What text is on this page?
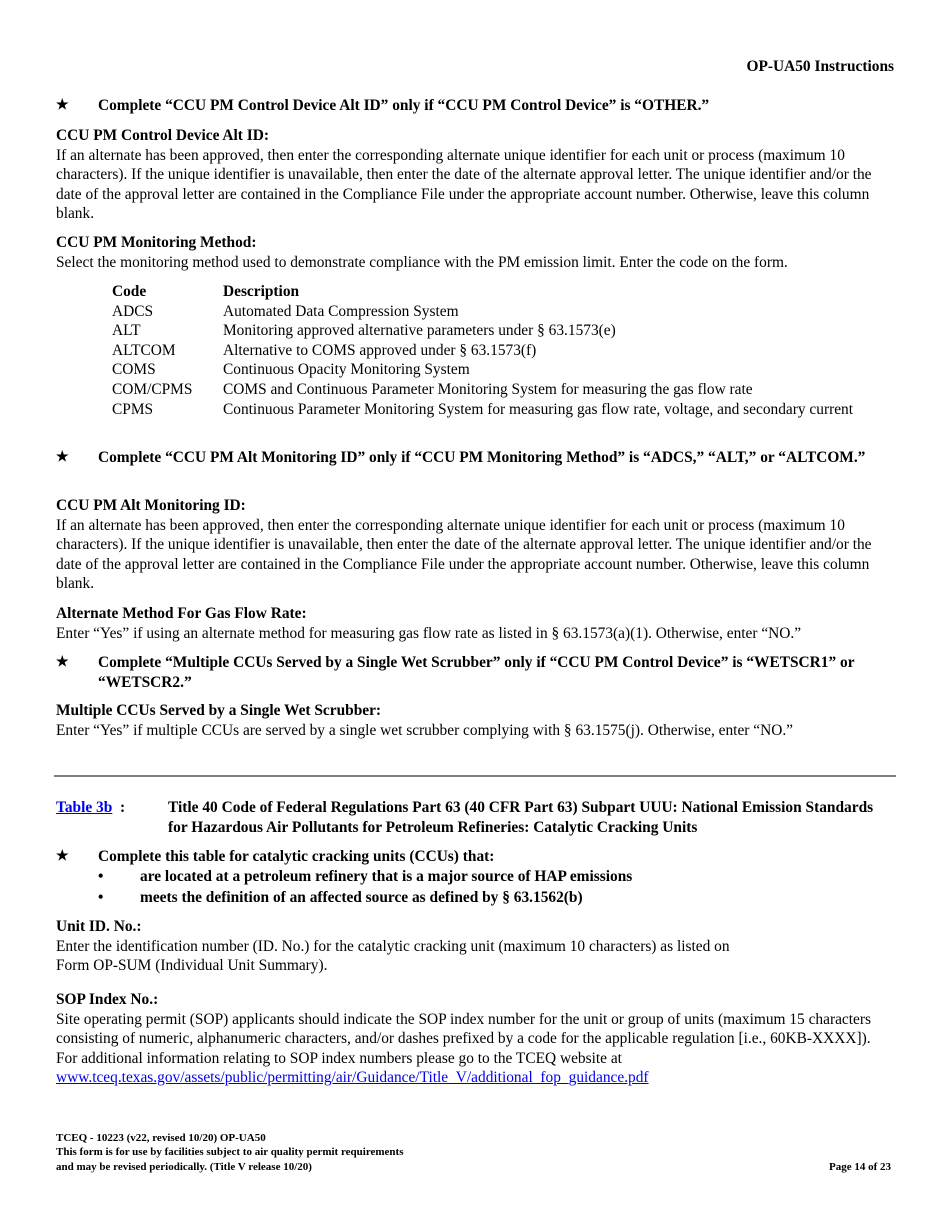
OP-UA50 Instructions
★ Complete “CCU PM Control Device Alt ID” only if “CCU PM Control Device” is “OTHER.”
CCU PM Control Device Alt ID:
If an alternate has been approved, then enter the corresponding alternate unique identifier for each unit or process (maximum 10 characters). If the unique identifier is unavailable, then enter the date of the alternate approval letter. The unique identifier and/or the date of the approval letter are contained in the Compliance File under the appropriate account number. Otherwise, leave this column blank.
CCU PM Monitoring Method:
Select the monitoring method used to demonstrate compliance with the PM emission limit. Enter the code on the form.
Code	Description
ADCS	Automated Data Compression System
ALT	Monitoring approved alternative parameters under § 63.1573(e)
ALTCOM	Alternative to COMS approved under § 63.1573(f)
COMS	Continuous Opacity Monitoring System
COM/CPMS	COMS and Continuous Parameter Monitoring System for measuring the gas flow rate
CPMS	Continuous Parameter Monitoring System for measuring gas flow rate, voltage, and secondary current
★ Complete “CCU PM Alt Monitoring ID” only if “CCU PM Monitoring Method” is “ADCS,” “ALT,” or “ALTCOM.”
CCU PM Alt Monitoring ID:
If an alternate has been approved, then enter the corresponding alternate unique identifier for each unit or process (maximum 10 characters). If the unique identifier is unavailable, then enter the date of the alternate approval letter. The unique identifier and/or the date of the approval letter are contained in the Compliance File under the appropriate account number. Otherwise, leave this column blank.
Alternate Method For Gas Flow Rate:
Enter “Yes” if using an alternate method for measuring gas flow rate as listed in § 63.1573(a)(1). Otherwise, enter “NO.”
★ Complete “Multiple CCUs Served by a Single Wet Scrubber” only if “CCU PM Control Device” is “WETSCR1” or “WETSCR2.”
Multiple CCUs Served by a Single Wet Scrubber:
Enter “Yes” if multiple CCUs are served by a single wet scrubber complying with § 63.1575(j). Otherwise, enter “NO.”
Table 3b :	Title 40 Code of Federal Regulations Part 63 (40 CFR Part 63) Subpart UUU: National Emission Standards for Hazardous Air Pollutants for Petroleum Refineries: Catalytic Cracking Units
★ Complete this table for catalytic cracking units (CCUs) that:
• are located at a petroleum refinery that is a major source of HAP emissions
• meets the definition of an affected source as defined by § 63.1562(b)
Unit ID. No.:
Enter the identification number (ID. No.) for the catalytic cracking unit (maximum 10 characters) as listed on
Form OP-SUM (Individual Unit Summary).
SOP Index No.:
Site operating permit (SOP) applicants should indicate the SOP index number for the unit or group of units (maximum 15 characters consisting of numeric, alphanumeric characters, and/or dashes prefixed by a code for the applicable regulation [i.e., 60KB-XXXX]). For additional information relating to SOP index numbers please go to the TCEQ website at www.tceq.texas.gov/assets/public/permitting/air/Guidance/Title_V/additional_fop_guidance.pdf
TCEQ - 10223 (v22, revised 10/20) OP-UA50
This form is for use by facilities subject to air quality permit requirements
and may be revised periodically. (Title V release 10/20)	Page 14 of 23
